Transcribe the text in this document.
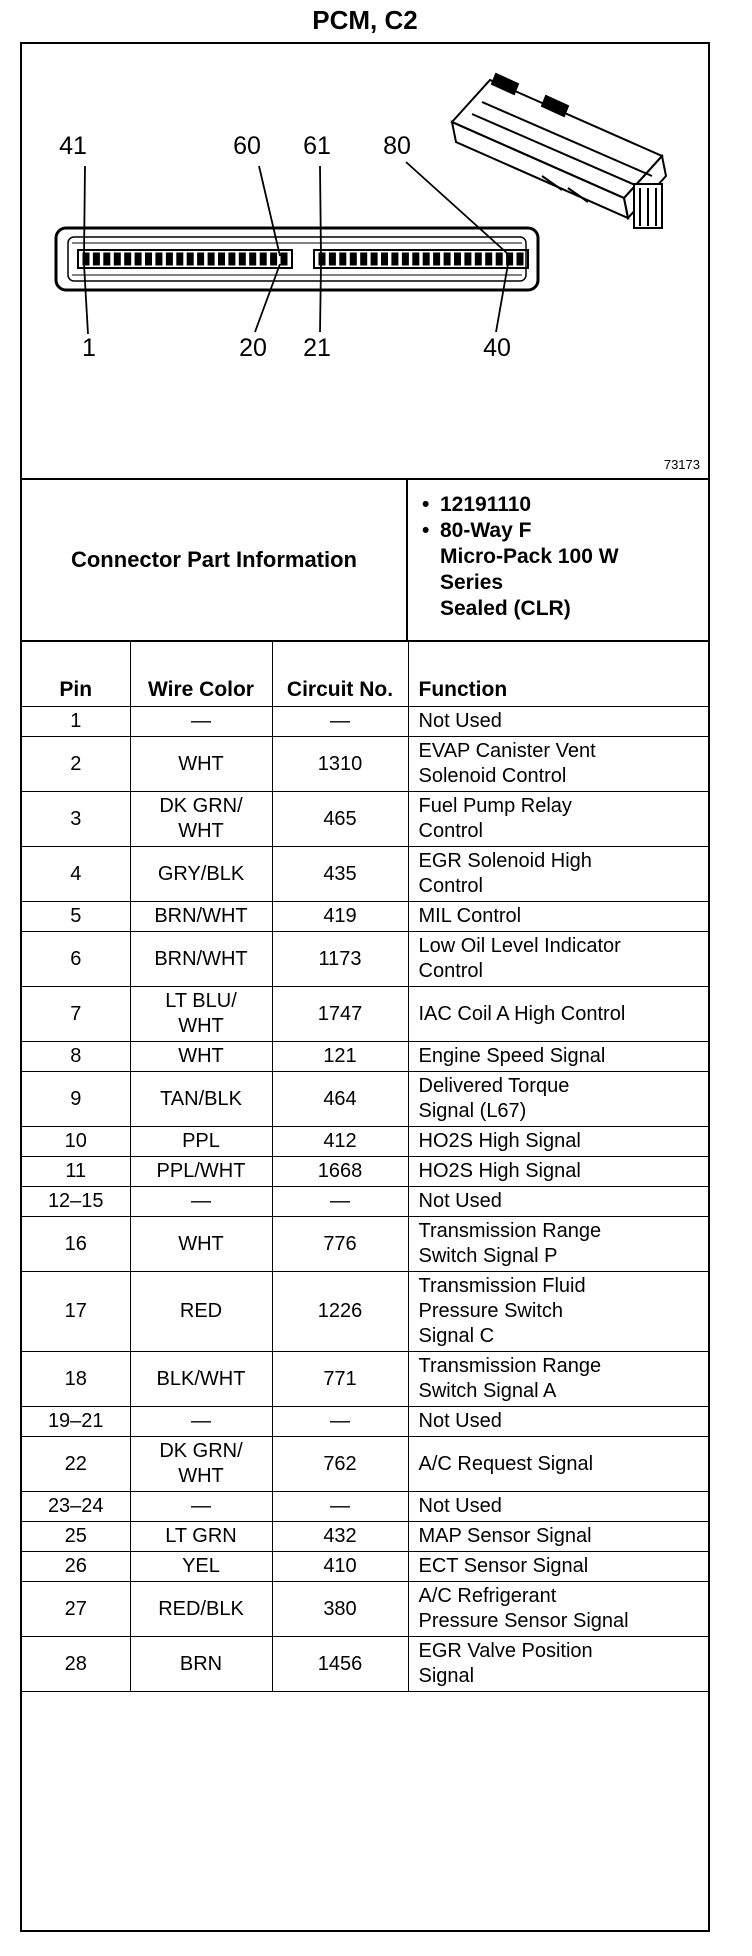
PCM, C2
41	60	61	80
1	20	21	40
73173
Connector Part Information
• 12191110
• 80-Way F
Micro-Pack 100 W
Series
Sealed (CLR)
Pin	Wire Color	Circuit No.	Function
1	—	—	Not Used
2	WHT	1310	EVAP Canister Vent
Solenoid Control
3	DK GRN/
WHT	465	Fuel Pump Relay
Control
4	GRY/BLK	435	EGR Solenoid High
Control
5	BRN/WHT	419	MIL Control
6	BRN/WHT	1173	Low Oil Level Indicator
Control
7	LT BLU/
WHT	1747	IAC Coil A High Control
8	WHT	121	Engine Speed Signal
9	TAN/BLK	464	Delivered Torque
Signal (L67)
10	PPL	412	HO2S High Signal
11	PPL/WHT	1668	HO2S High Signal
12–15	—	—	Not Used
16	WHT	776	Transmission Range
Switch Signal P
17	RED	1226	Transmission Fluid
Pressure Switch
Signal C
18	BLK/WHT	771	Transmission Range
Switch Signal A
19–21	—	—	Not Used
22	DK GRN/
WHT	762	A/C Request Signal
23–24	—	—	Not Used
25	LT GRN	432	MAP Sensor Signal
26	YEL	410	ECT Sensor Signal
27	RED/BLK	380	A/C Refrigerant
Pressure Sensor Signal
28	BRN	1456	EGR Valve Position
Signal
